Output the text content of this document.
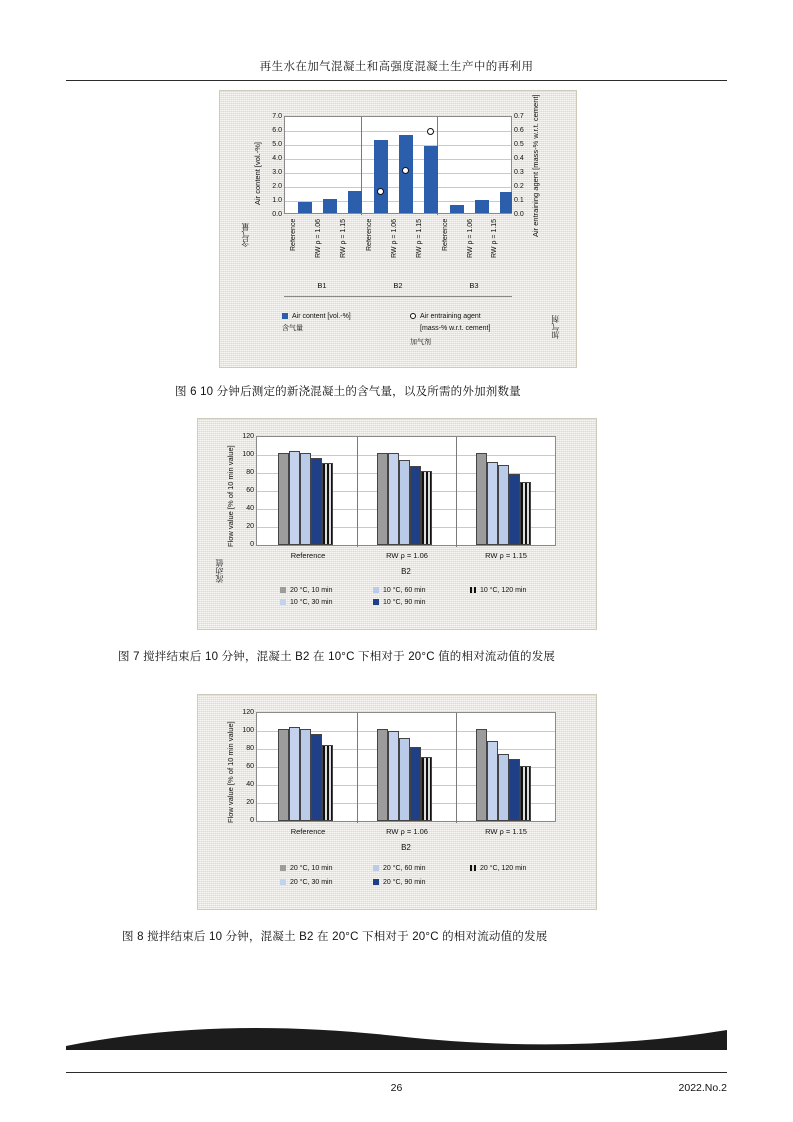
再生水在加气混凝土和高强度混凝土生产中的再利用
Air content [vol.-%]
含气量	Air entraining agent [mass-% w.r.t. cement]
加气剂
7.0
6.0
5.0
4.0
3.0
2.0
1.0
0.0
0.7
0.6
0.5
0.4
0.3
0.2
0.1
0.0
Reference	RW ρ = 1.06	RW ρ = 1.15	Reference	RW ρ = 1.06	RW ρ = 1.15	Reference	RW ρ = 1.06 RW ρ = 1.15
B1	B2	B3
Air content [vol.-%]
含气量
Air entraining agent
[mass-% w.r.t. cement]
加气剂
图 6 10 分钟后测定的新浇混凝土的含气量，以及所需的外加剂数量
Flow value [% of 10 min value]
流动值
120
100
80
60
40
20
0
Reference	RW ρ = 1.06	RW ρ = 1.15
B2
20 °C, 10 min	10 °C, 60 min	10 °C, 120 min
10 °C, 30 min	10 °C, 90 min
图 7 搅拌结束后 10 分钟，混凝土 B2 在 10°C 下相对于 20°C 值的相对流动值的发展
Flow value [% of 10 min value]
120
100
80
60
40
20
0
Reference	RW ρ = 1.06	RW ρ = 1.15
B2
20 °C, 10 min	20 °C, 60 min	20 °C, 120 min
20 °C, 30 min	20 °C, 90 min
图 8 搅拌结束后 10 分钟，混凝土 B2 在 20°C 下相对于 20°C 的相对流动值的发展
26	2022.No.2
